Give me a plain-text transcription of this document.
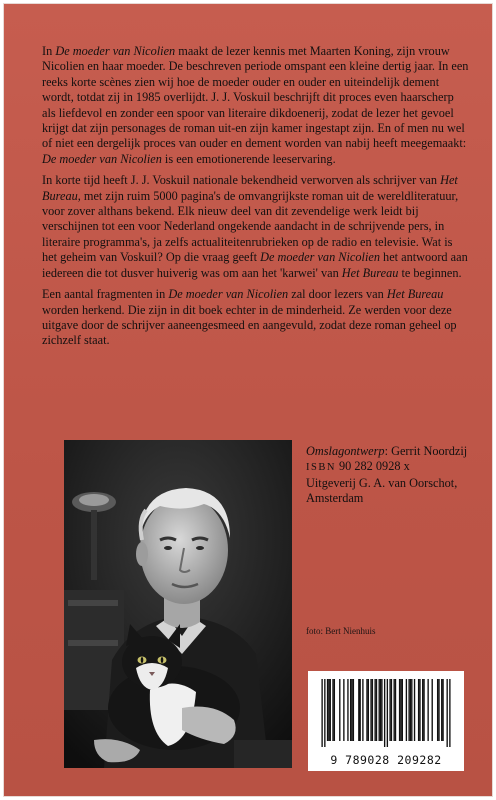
In De moeder van Nicolien maakt de lezer kennis met Maarten Koning, zijn vrouw Nicolien en haar moeder. De beschreven periode omspant een kleine dertig jaar. In een reeks korte scènes zien wij hoe de moeder ouder en ouder en uiteindelijk dement wordt, totdat zij in 1985 overlijdt. J. J. Voskuil beschrijft dit proces even haarscherp als liefdevol en zonder een spoor van literaire dikdoenerij, zodat de lezer het gevoel krijgt dat zijn personages de roman uit-en zijn kamer ingestapt zijn. En of men nu wel of niet een dergelijk proces van ouder en dement worden van nabij heeft meegemaakt: De moeder van Nicolien is een emotionerende leeservaring.

In korte tijd heeft J. J. Voskuil nationale bekendheid verworven als schrijver van Het Bureau, met zijn ruim 5000 pagina's de omvangrijkste roman uit de wereldliteratuur, voor zover althans bekend. Elk nieuw deel van dit zevendelige werk leidt bij verschijnen tot een voor Nederland ongekende aandacht in de schrijvende pers, in literaire programma's, ja zelfs actualiteitenrubrieken op de radio en televisie. Wat is het geheim van Voskuil? Op die vraag geeft De moeder van Nicolien het antwoord aan iedereen die tot dusver huiverig was om aan het 'karwei' van Het Bureau te beginnen.

Een aantal fragmenten in De moeder van Nicolien zal door lezers van Het Bureau worden herkend. Die zijn in dit boek echter in de minderheid. Ze werden voor deze uitgave door de schrijver aaneengesmeed en aangevuld, zodat deze roman geheel op zichzelf staat.

Omslagontwerp: Gerrit Noordzij
ISBN 90 282 0928 x
Uitgeverij G. A. van Oorschot,
Amsterdam
foto: Bert Nienhuis
9 789028 209282
